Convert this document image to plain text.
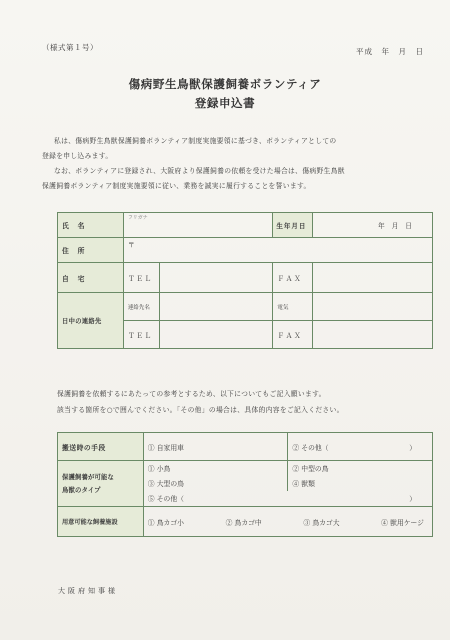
（様式第１号）	平成　年　月　日
傷病野生鳥獣保護飼養ボランティア
登録申込書
私は、傷病野生鳥獣保護飼養ボランティア制度実施要領に基づき、ボランティアとしての
登録を申し込みます。
なお、ボランティアに登録され、大阪府より保護飼養の依頼を受けた場合は、傷病野生鳥獣
保護飼養ボランティア制度実施要領に従い、業務を誠実に履行することを誓います。
氏　名	フリガナ		生年月日	年　月　日
住　所	〒			
自　宅	ＴＥＬ		ＦＡＸ	
日中の連絡先	連絡先名		電気	
	ＴＥＬ		ＦＡＸ	
保護飼養を依頼するにあたっての参考とするため、以下についてもご記入願います。
該当する箇所を○で囲んでください。「その他」の場合は、具体的内容をご記入ください。
搬送時の手段	① 自家用車	② その他（ ）

保護飼養が可能な
鳥獣のタイプ	① 小鳥	② 中型の鳥
	③ 大型の鳥	④ 獣類

	⑤ その他（ ）	

用意可能な飼養施設	① 鳥カゴ小 ② 鳥カゴ中 ③ 鳥カゴ大 ④ 獣用ケージ	
大阪府知事様
